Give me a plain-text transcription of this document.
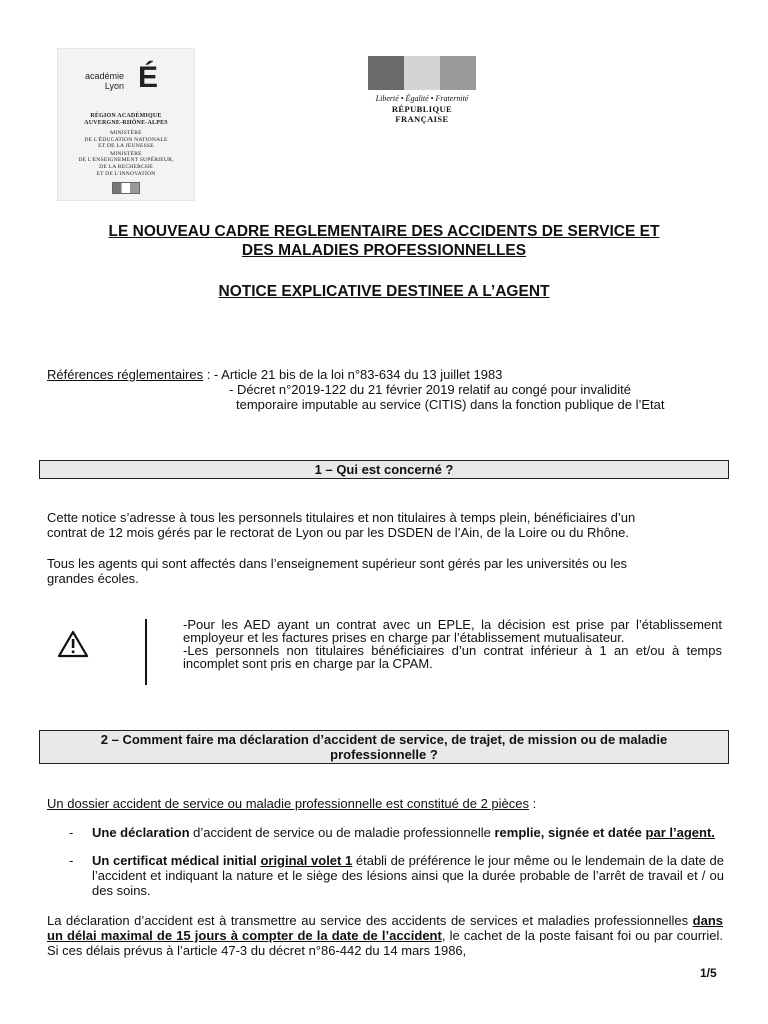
académie
Lyon É
RÉGION ACADÉMIQUE
AUVERGNE-RHÔNE-ALPES
MINISTÈRE
DE L'ÉDUCATION NATIONALE
ET DE LA JEUNESSE
MINISTÈRE
DE L'ENSEIGNEMENT SUPÉRIEUR,
DE LA RECHERCHE
ET DE L'INNOVATION
Liberté • Égalité • Fraternité
RÉPUBLIQUE FRANÇAISE
LE NOUVEAU CADRE REGLEMENTAIRE DES ACCIDENTS DE SERVICE ET
DES MALADIES PROFESSIONNELLES
NOTICE EXPLICATIVE DESTINEE A L’AGENT
Références réglementaires : - Article 21 bis de la loi n°83-634 du 13 juillet 1983
- Décret n°2019-122 du 21 février 2019 relatif au congé pour invalidité
temporaire imputable au service (CITIS) dans la fonction publique de l’Etat
1 – Qui est concerné ?
Cette notice s’adresse à tous les personnels titulaires et non titulaires à temps plein, bénéficiaires d’un
contrat de 12 mois gérés par le rectorat de Lyon ou par les DSDEN de l’Ain, de la Loire ou du Rhône.
Tous les agents qui sont affectés dans l’enseignement supérieur sont gérés par les universités ou les
grandes écoles.

-Pour les AED ayant un contrat avec un EPLE, la décision est prise par l’établissement employeur et les factures prises en charge par l’établissement mutualisateur.

-Les personnels non titulaires bénéficiaires d’un contrat inférieur à 1 an et/ou à temps incomplet sont pris en charge par la CPAM.

2 – Comment faire ma déclaration d’accident de service, de trajet, de mission ou de maladie
professionnelle ?
Un dossier accident de service ou maladie professionnelle est constitué de 2 pièces :
- Une déclaration d’accident de service ou de maladie professionnelle remplie, signée et datée par l’agent.
- Un certificat médical initial original volet 1 établi de préférence le jour même ou le lendemain de la date de l’accident et indiquant la nature et le siège des lésions ainsi que la durée probable de l’arrêt de travail et / ou des soins.
La déclaration d’accident est à transmettre au service des accidents de services et maladies professionnelles dans un délai maximal de 15 jours à compter de la date de l’accident, le cachet de la poste faisant foi ou par courriel. Si ces délais prévus à l’article 47-3 du décret n°86-442 du 14 mars 1986,
1/5
